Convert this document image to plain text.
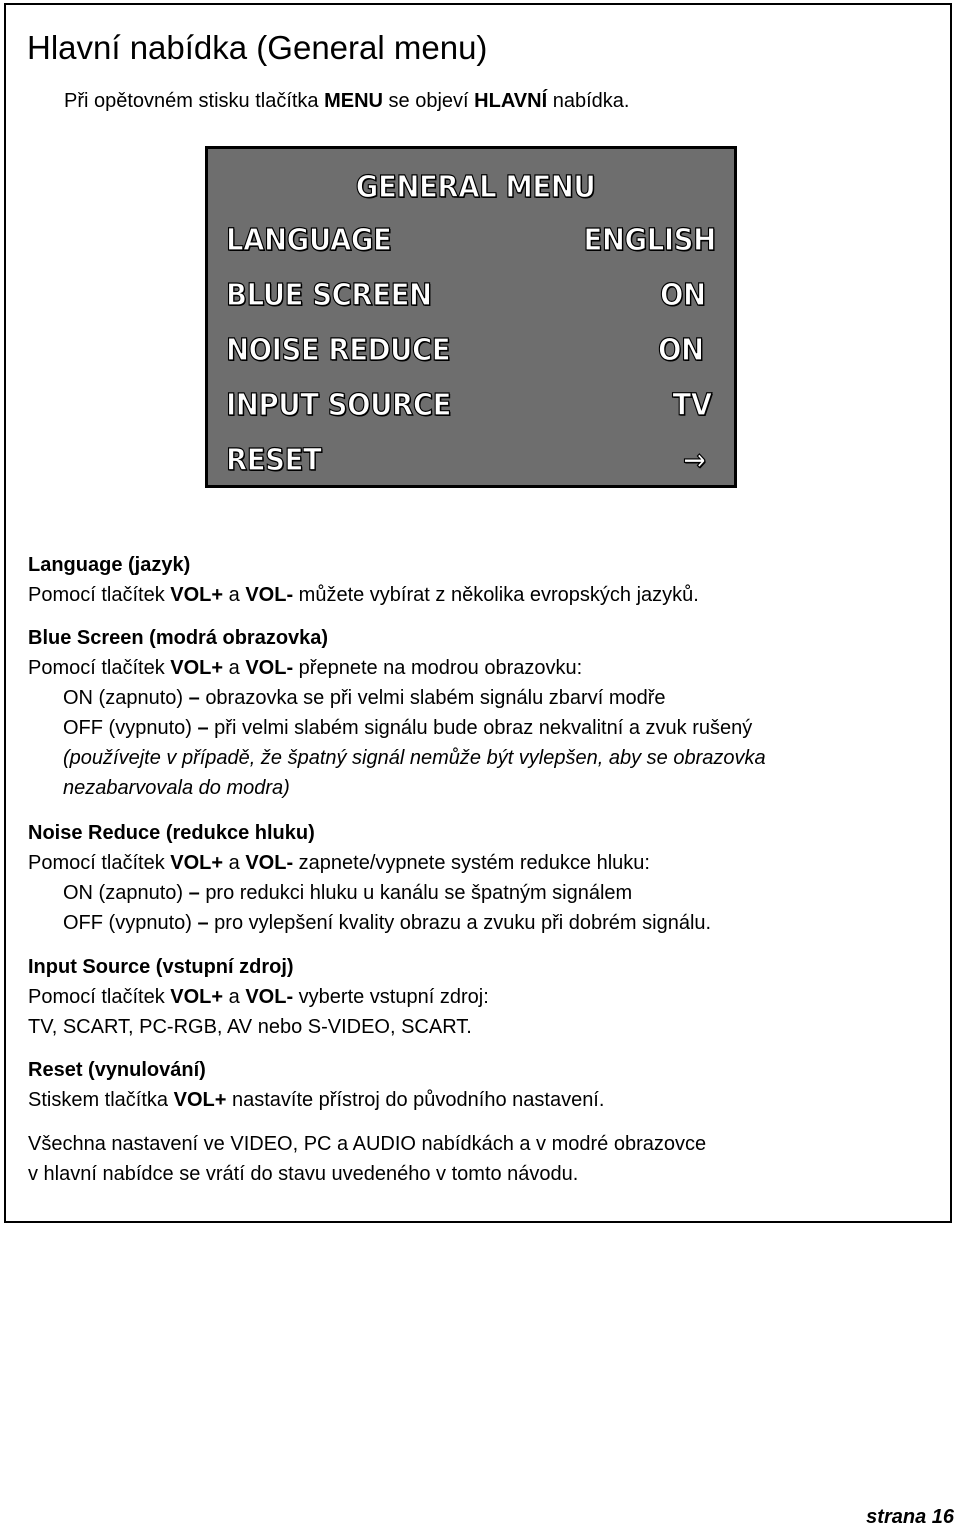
Hlavní nabídka (General menu)
Při opětovném stisku tlačítka MENU se objeví HLAVNÍ nabídka.
GENERAL MENU
LANGUAGE	ENGLISH
BLUE SCREEN	ON
NOISE REDUCE	ON
INPUT SOURCE	TV
RESET	→
Language (jazyk)
Pomocí tlačítek VOL+ a VOL- můžete vybírat z několika evropských jazyků.
Blue Screen (modrá obrazovka)
Pomocí tlačítek VOL+ a VOL- přepnete na modrou obrazovku:
ON (zapnuto) – obrazovka se při velmi slabém signálu zbarví modře
OFF (vypnuto) – při velmi slabém signálu bude obraz nekvalitní a zvuk rušený
(používejte v případě, že špatný signál nemůže být vylepšen, aby se obrazovka
nezabarvovala do modra)
Noise Reduce (redukce hluku)
Pomocí tlačítek VOL+ a VOL- zapnete/vypnete systém redukce hluku:
ON (zapnuto) – pro redukci hluku u kanálu se špatným signálem
OFF (vypnuto) – pro vylepšení kvality obrazu a zvuku při dobrém signálu.
Input Source (vstupní zdroj)
Pomocí tlačítek VOL+ a VOL- vyberte vstupní zdroj:
TV, SCART, PC-RGB, AV nebo S-VIDEO, SCART.
Reset (vynulování)
Stiskem tlačítka VOL+ nastavíte přístroj do původního nastavení.
Všechna nastavení ve VIDEO, PC a AUDIO nabídkách a v modré obrazovce
v hlavní nabídce se vrátí do stavu uvedeného v tomto návodu.
strana 16
